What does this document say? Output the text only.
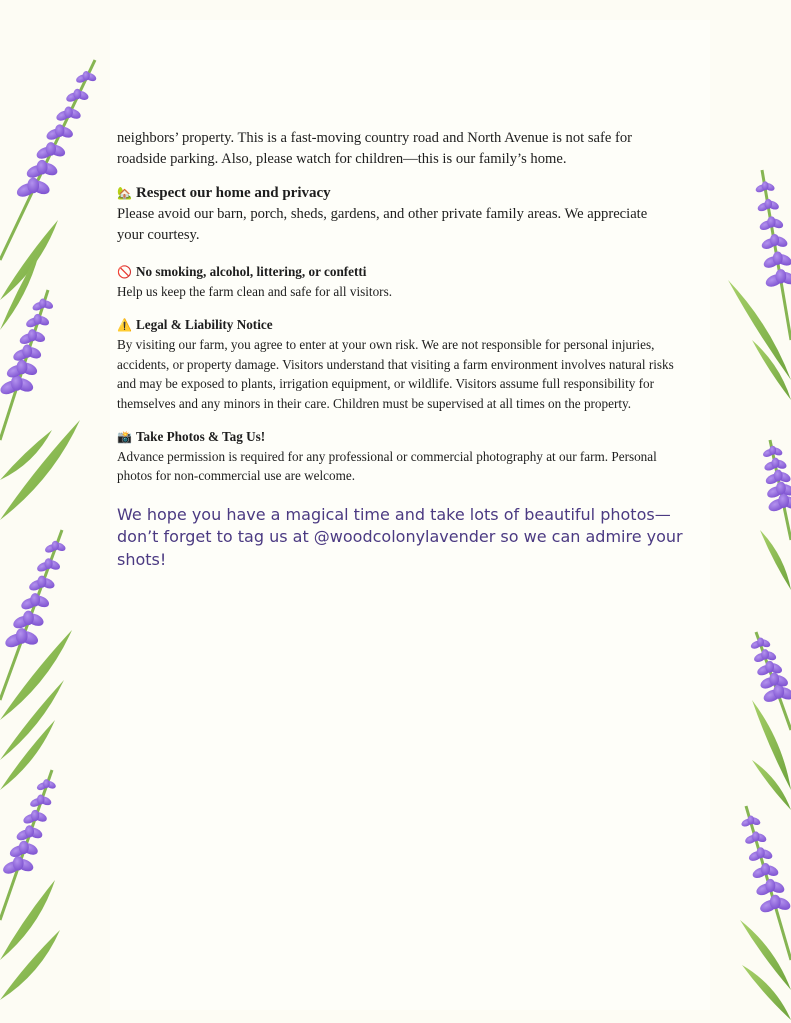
neighbors’ property. This is a fast-moving country road and North Avenue is not safe for roadside parking. Also, please watch for children—this is our family’s home.

🏡 Respect our home and privacy

Please avoid our barn, porch, sheds, gardens, and other private family areas. We appreciate your courtesy.

🚫 No smoking, alcohol, littering, or confetti

Help us keep the farm clean and safe for all visitors.

⚠️ Legal & Liability Notice

By visiting our farm, you agree to enter at your own risk. We are not responsible for personal injuries, accidents, or property damage. Visitors understand that visiting a farm environment involves natural risks and may be exposed to plants, irrigation equipment, or wildlife. Visitors assume full responsibility for themselves and any minors in their care. Children must be supervised at all times on the property.

📸 Take Photos & Tag Us!

Advance permission is required for any professional or commercial photography at our farm. Personal photos for non-commercial use are welcome.

We hope you have a magical time and take lots of beautiful photos—don’t forget to tag us at @woodcolonylavender so we can admire your shots!
